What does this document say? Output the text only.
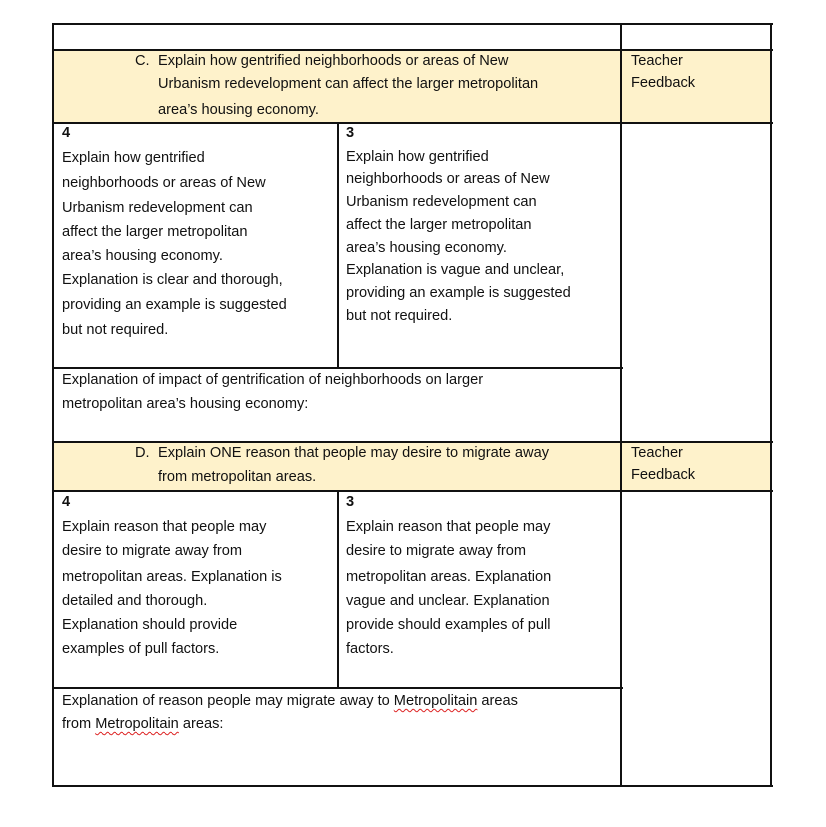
C. Explain how gentrified neighborhoods or areas of New
Urbanism redevelopment can affect the larger metropolitan
area’s housing economy.
Teacher
Feedback
4
Explain how gentrified
neighborhoods or areas of New
Urbanism redevelopment can
affect the larger metropolitan
area’s housing economy.
Explanation is clear and thorough,
providing an example is suggested
but not required.
3
Explain how gentrified
neighborhoods or areas of New
Urbanism redevelopment can
affect the larger metropolitan
area’s housing economy.
Explanation is vague and unclear,
providing an example is suggested
but not required.
Explanation of impact of gentrification of neighborhoods on larger
metropolitan area’s housing economy:
D. Explain ONE reason that people may desire to migrate away
from metropolitan areas.
Teacher
Feedback
4
Explain reason that people may
desire to migrate away from
metropolitan areas. Explanation is
detailed and thorough.
Explanation should provide
examples of pull factors.
3
Explain reason that people may
desire to migrate away from
metropolitan areas. Explanation
vague and unclear. Explanation
provide should examples of pull
factors.
Explanation of reason people may migrate away to Metropolitain areas
from Metropolitain areas:
